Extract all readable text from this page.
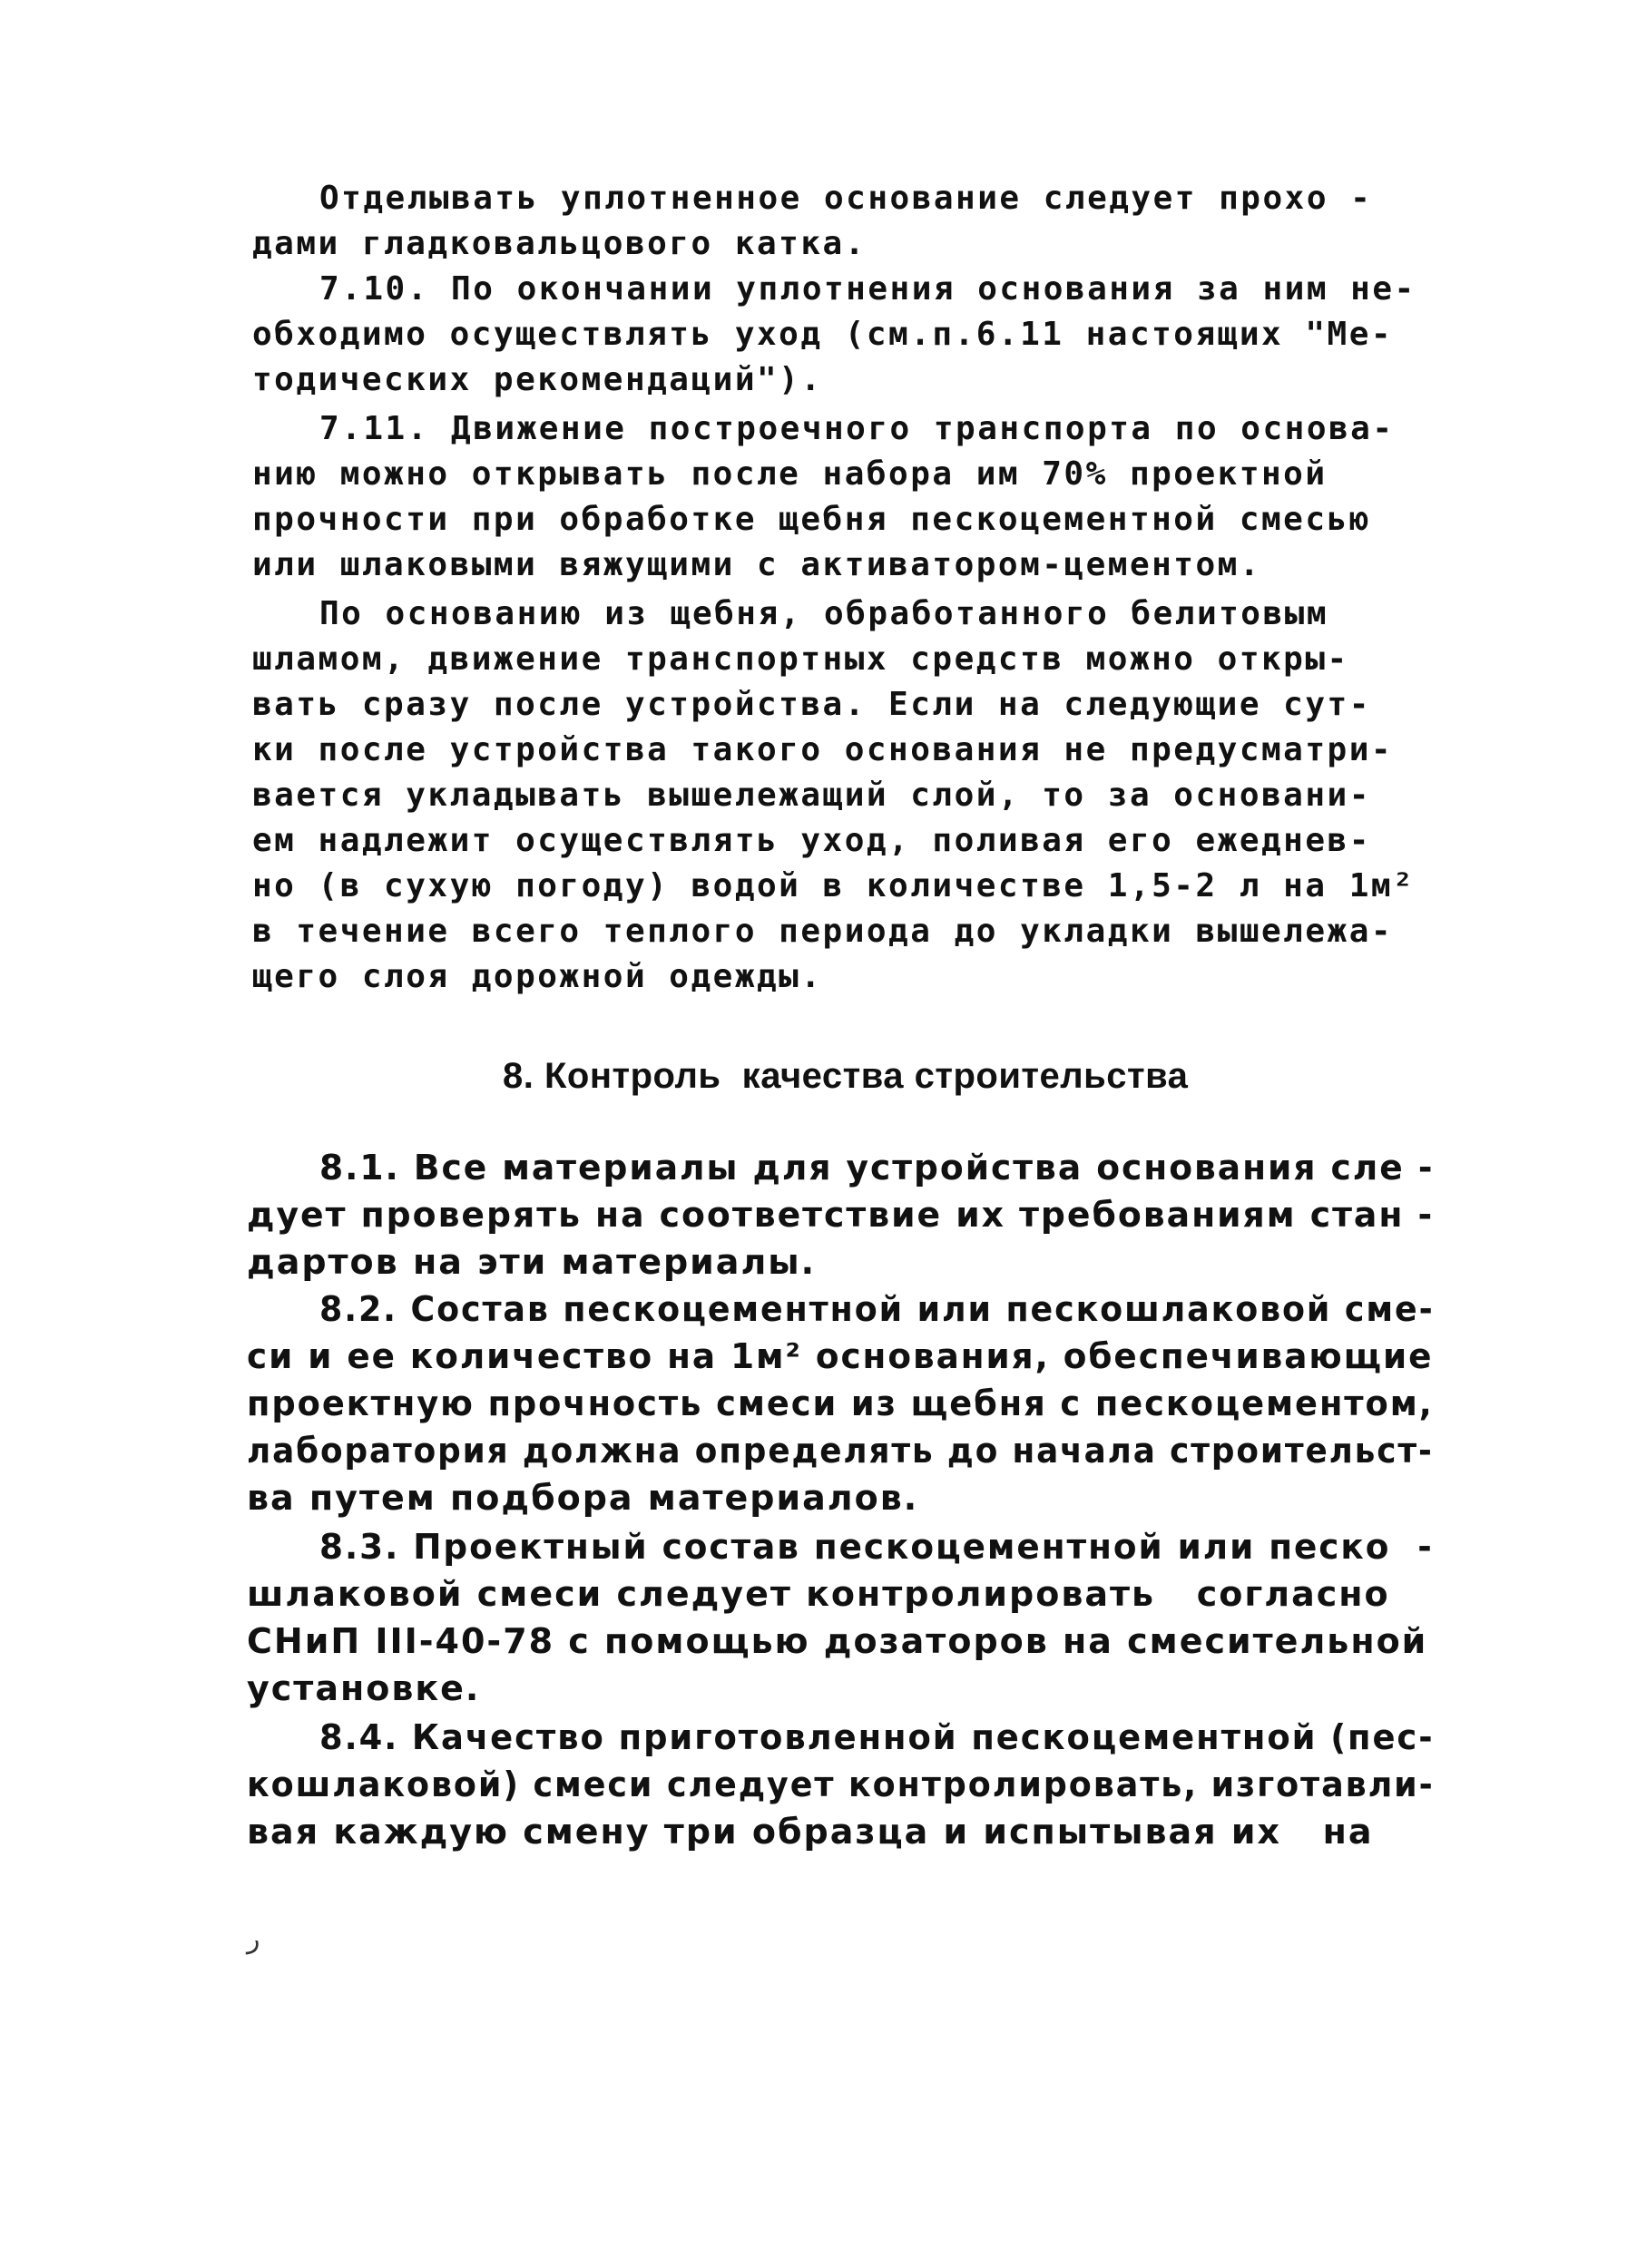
Отделывать уплотненное основание следует прохо -
дами гладковальцового катка.
7.10. По окончании уплотнения основания за ним не-
обходимо осуществлять уход (см.п.6.11 настоящих "Ме-
тодических рекомендаций").
7.11. Движение построечного транспорта по основа-
нию можно открывать после набора им 70% проектной
прочности при обработке щебня пескоцементной смесью
или шлаковыми вяжущими с активатором-цементом.
По основанию из щебня, обработанного белитовым
шламом, движение транспортных средств можно откры-
вать сразу после устройства. Если на следующие сут-
ки после устройства такого основания не предусматри-
вается укладывать вышележащий слой, то за основани-
ем надлежит осуществлять уход, поливая его ежеднев-
но (в сухую погоду) водой в количестве 1,5-2 л на 1м²
в течение всего теплого периода до укладки вышележа-
щего слоя дорожной одежды.
8. Контроль  качества строительства
8.1. Все материалы для устройства основания сле -
дует проверять на соответствие их требованиям стан -
дартов на эти материалы.
8.2. Состав пескоцементной или пескошлаковой сме-
си и ее количество на 1м² основания, обеспечивающие
проектную прочность смеси из щебня с пескоцементом,
лаборатория должна определять до начала строительст-
ва путем подбора материалов.
8.3. Проектный состав пескоцементной или песко  -
шлаковой смеси следует контролировать   согласно
СНиП III-40-78 с помощью дозаторов на смесительной
установке.
8.4. Качество приготовленной пескоцементной (пес-
кошлаковой) смеси следует контролировать, изготавли-
вая каждую смену три образца и испытывая их   на
ر
